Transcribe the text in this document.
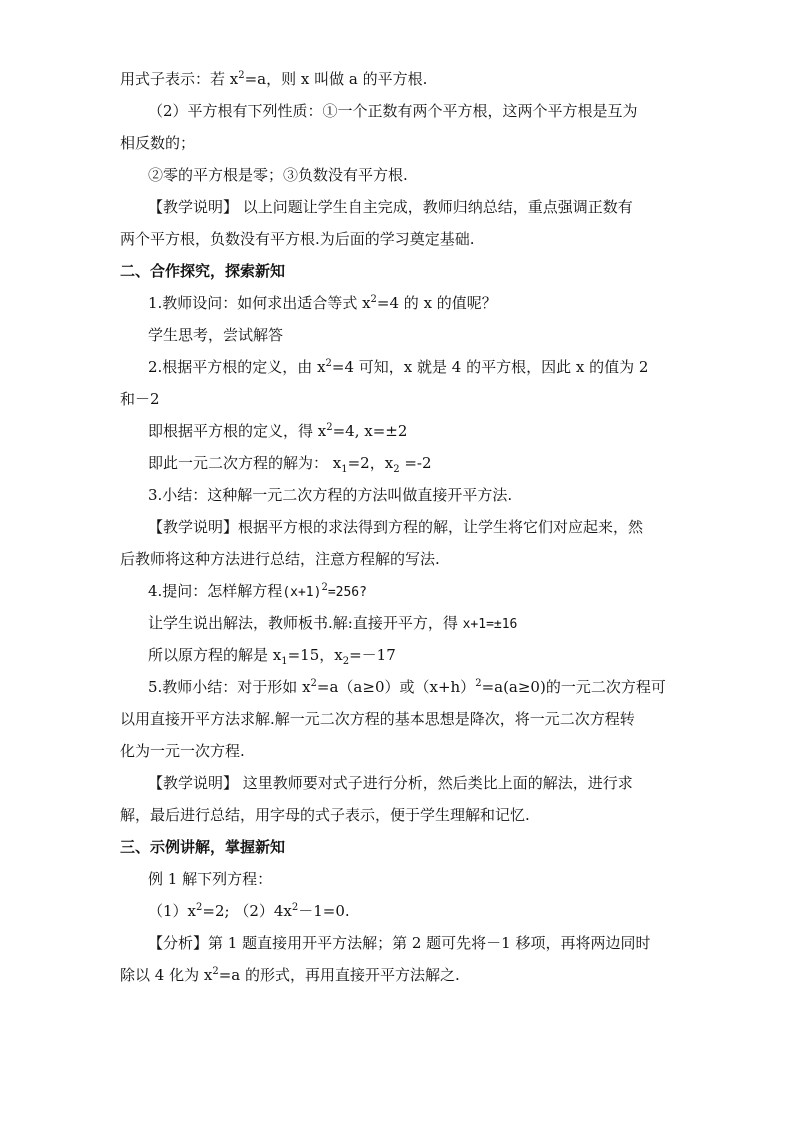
用式子表示：若 $x^2=a$，则 x 叫做 a 的平方根.
（2）平方根有下列性质：①一个正数有两个平方根，这两个平方根是互为
相反数的；
②零的平方根是零；③负数没有平方根.
【教学说明】 以上问题让学生自主完成，教师归纳总结，重点强调正数有
两个平方根，负数没有平方根.为后面的学习奠定基础.
二、合作探究，探索新知
1.教师设问：如何求出适合等式 $x^2=4$ 的 x 的值呢？
学生思考，尝试解答
2.根据平方根的定义，由 $x^2=4$ 可知，x 就是 4 的平方根，因此 x 的值为 2
和－2
即根据平方根的定义，得 $x^2=4$, x=±2
即此一元二次方程的解为： $x_1=2$，$x_2 =-2$
3.小结：这种解一元二次方程的方法叫做直接开平方法.
【教学说明】根据平方根的求法得到方程的解，让学生将它们对应起来，然
后教师将这种方法进行总结，注意方程解的写法.
4.提问：怎样解方程$(x+1)^2=256$?
让学生说出解法，教师板书.解:直接开平方，得 x+1=±16
所以原方程的解是 $x_1=15$，$x_2=-17$
5.教师小结：对于形如 $x^2=a(a\ge 0)$或$(x+h)^2=a(a\ge 0)$的一元二次方程可
以用直接开平方法求解.解一元二次方程的基本思想是降次，将一元二次方程转
化为一元一次方程.
【教学说明】 这里教师要对式子进行分析，然后类比上面的解法，进行求
解，最后进行总结，用字母的式子表示，便于学生理解和记忆.
三、示例讲解，掌握新知
例 1 解下列方程：
$(1)x^2=2$; $(2)4x^2-1=0$.
【分析】第 1 题直接用开平方法解；第 2 题可先将－1 移项，再将两边同时
除以 4 化为 $x^2=a$ 的形式，再用直接开平方法解之.
